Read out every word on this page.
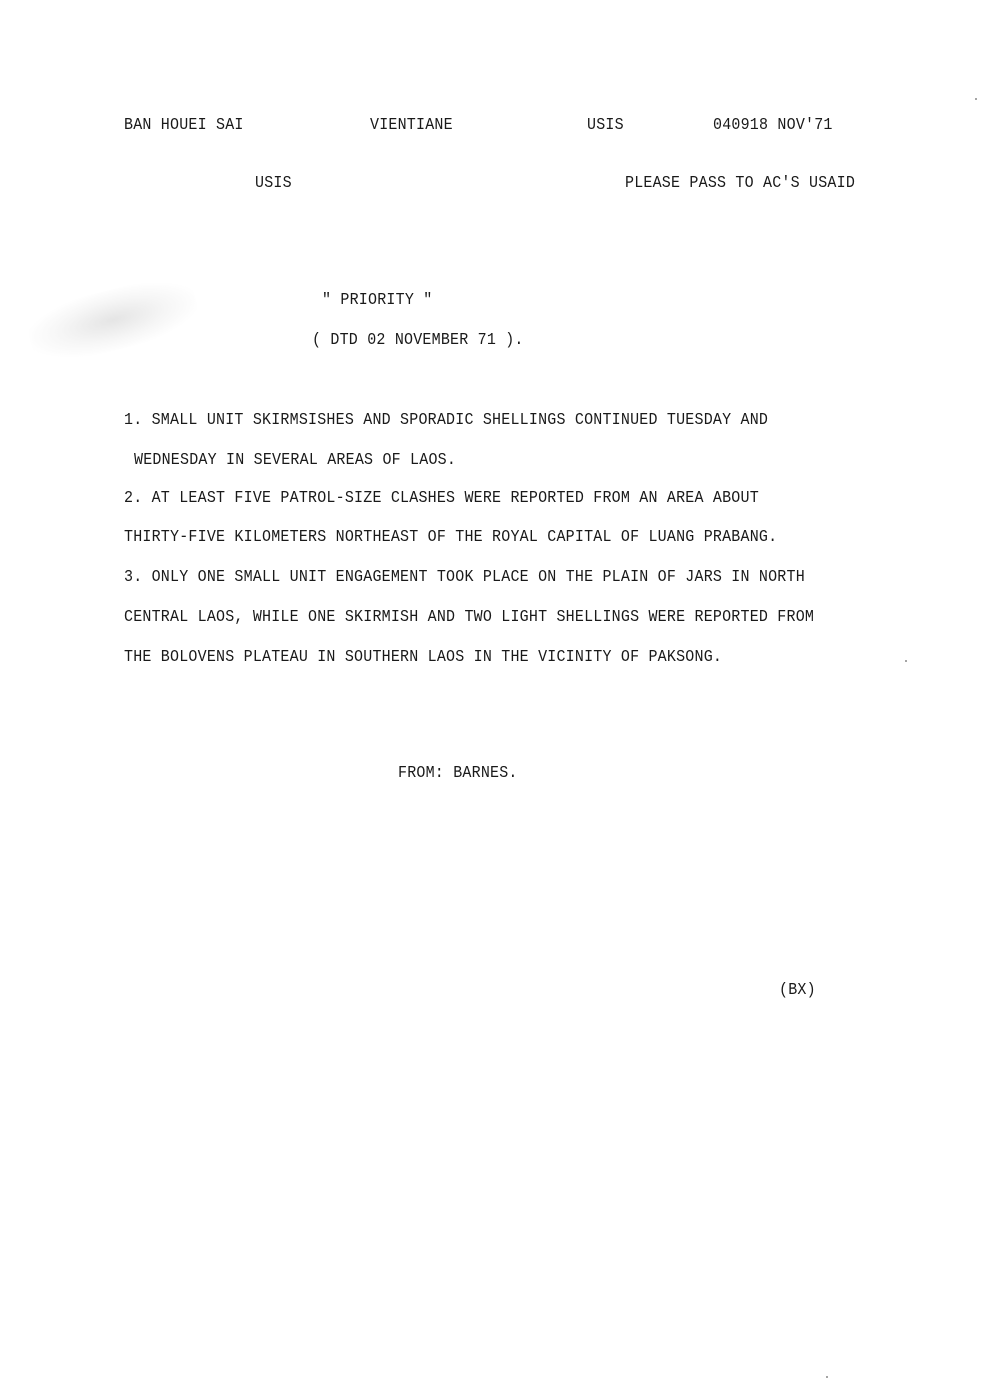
BAN HOUEI SAI	VIENTIANE	USIS	040918 NOV'71
USIS	PLEASE PASS TO AC'S USAID
" PRIORITY "
( DTD 02 NOVEMBER 71 ).
1. SMALL UNIT SKIRMSISHES AND SPORADIC SHELLINGS CONTINUED TUESDAY AND
WEDNESDAY IN SEVERAL AREAS OF LAOS.
2. AT LEAST FIVE PATROL-SIZE CLASHES WERE REPORTED FROM AN AREA ABOUT
THIRTY-FIVE KILOMETERS NORTHEAST OF THE ROYAL CAPITAL OF LUANG PRABANG.
3. ONLY ONE SMALL UNIT ENGAGEMENT TOOK PLACE ON THE PLAIN OF JARS IN NORTH
CENTRAL LAOS, WHILE ONE SKIRMISH AND TWO LIGHT SHELLINGS WERE REPORTED FROM
THE BOLOVENS PLATEAU IN SOUTHERN LAOS IN THE VICINITY OF PAKSONG.
FROM: BARNES.
(BX)
